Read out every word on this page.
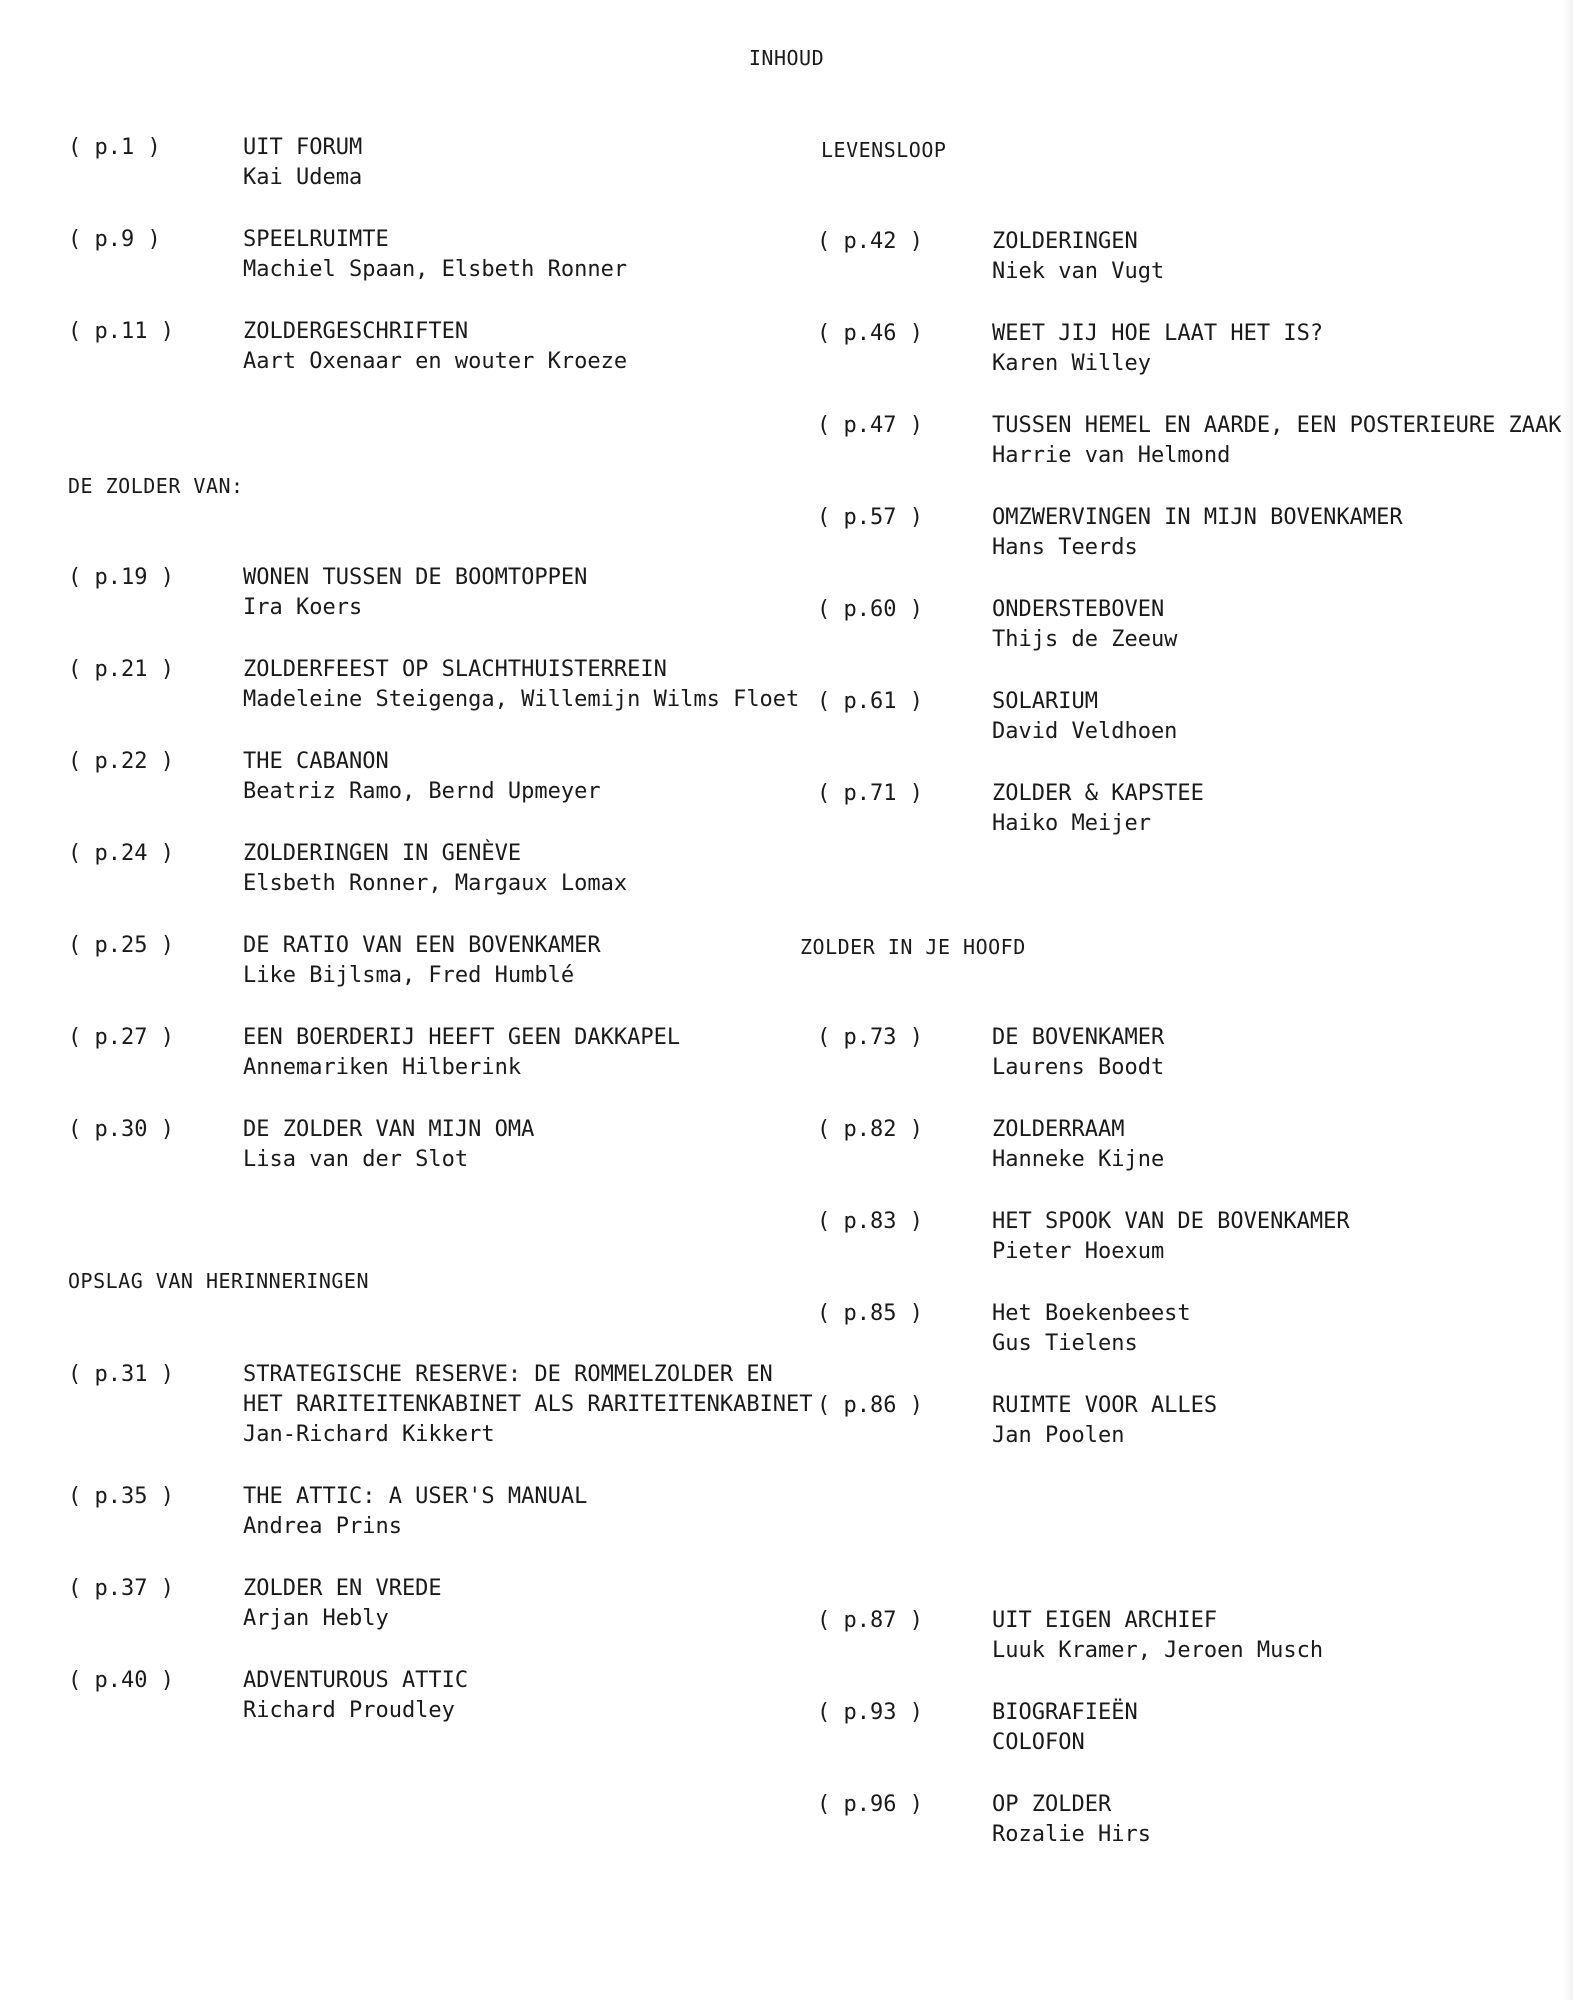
INHOUD
( p.1 )	UIT FORUM
Kai Udema
( p.9 )	SPEELRUIMTE
Machiel Spaan, Elsbeth Ronner
( p.11 )	ZOLDERGESCHRIFTEN
Aart Oxenaar en wouter Kroeze
DE ZOLDER VAN:
( p.19 )	WONEN TUSSEN DE BOOMTOPPEN
Ira Koers
( p.21 )	ZOLDERFEEST OP SLACHTHUISTERREIN
Madeleine Steigenga, Willemijn Wilms Floet
( p.22 )	THE CABANON
Beatriz Ramo, Bernd Upmeyer
( p.24 )	ZOLDERINGEN IN GENÈVE
Elsbeth Ronner, Margaux Lomax
( p.25 )	DE RATIO VAN EEN BOVENKAMER
Like Bijlsma, Fred Humblé
( p.27 )	EEN BOERDERIJ HEEFT GEEN DAKKAPEL
Annemariken Hilberink
( p.30 )	DE ZOLDER VAN MIJN OMA
Lisa van der Slot
OPSLAG VAN HERINNERINGEN
( p.31 )	STRATEGISCHE RESERVE: DE ROMMELZOLDER EN
HET RARITEITENKABINET ALS RARITEITENKABINET
Jan-Richard Kikkert
( p.35 )	THE ATTIC: A USER'S MANUAL
Andrea Prins
( p.37 )	ZOLDER EN VREDE
Arjan Hebly
( p.40 )	ADVENTUROUS ATTIC
Richard Proudley
LEVENSLOOP
( p.42 )	ZOLDERINGEN
Niek van Vugt
( p.46 )	WEET JIJ HOE LAAT HET IS?
Karen Willey
( p.47 )	TUSSEN HEMEL EN AARDE, EEN POSTERIEURE ZAAK
Harrie van Helmond
( p.57 )	OMZWERVINGEN IN MIJN BOVENKAMER
Hans Teerds
( p.60 )	ONDERSTEBOVEN
Thijs de Zeeuw
( p.61 )	SOLARIUM
David Veldhoen
( p.71 )	ZOLDER & KAPSTEE
Haiko Meijer
ZOLDER IN JE HOOFD
( p.73 )	DE BOVENKAMER
Laurens Boodt
( p.82 )	ZOLDERRAAM
Hanneke Kijne
( p.83 )	HET SPOOK VAN DE BOVENKAMER
Pieter Hoexum
( p.85 )	Het Boekenbeest
Gus Tielens
( p.86 )	RUIMTE VOOR ALLES
Jan Poolen
( p.87 )	UIT EIGEN ARCHIEF
Luuk Kramer, Jeroen Musch
( p.93 )	BIOGRAFIEËN
COLOFON
( p.96 )	OP ZOLDER
Rozalie Hirs
